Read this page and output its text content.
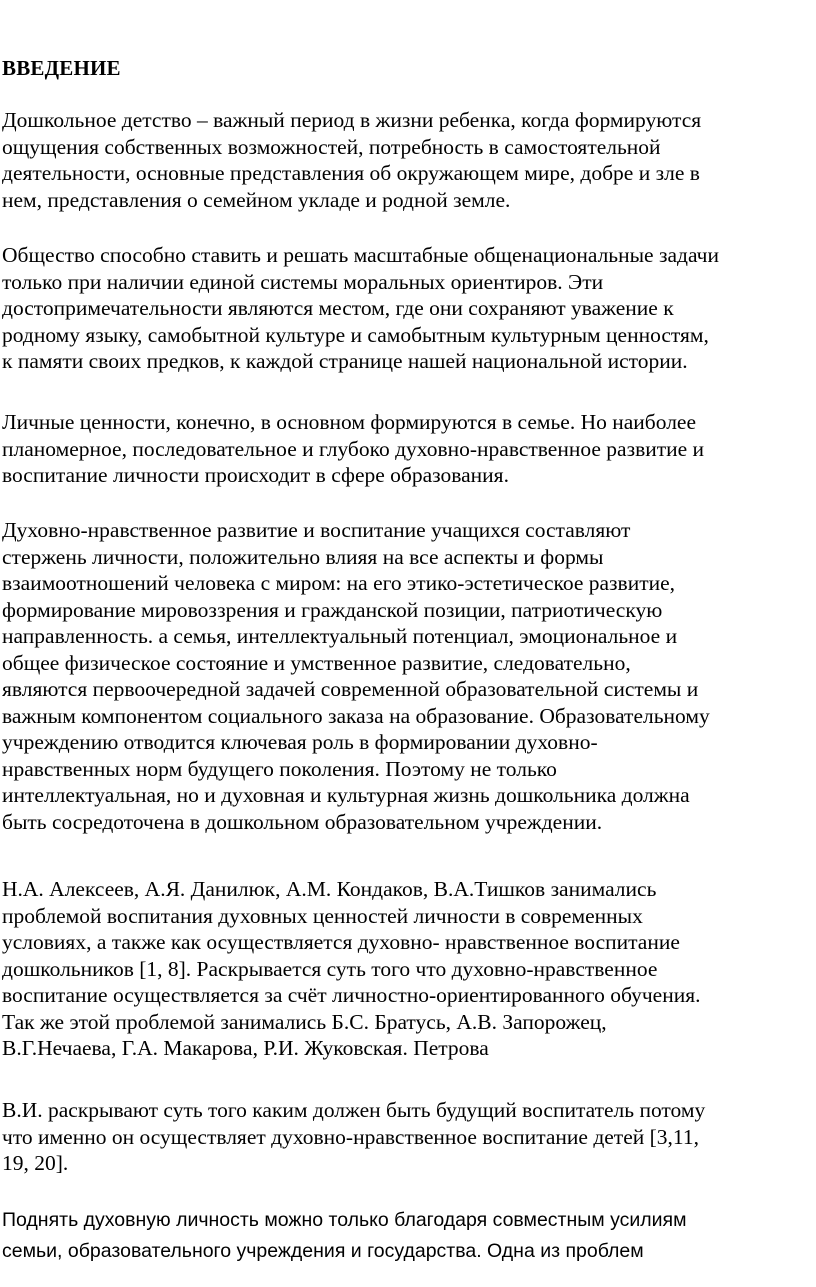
ВВЕДЕНИЕ

Дошкольное детство – важный период в жизни ребенка, когда формируются
ощущения собственных возможностей, потребность в самостоятельной
деятельности, основные представления об окружающем мире, добре и зле в
нем, представления о семейном укладе и родной земле.

Общество способно ставить и решать масштабные общенациональные задачи
только при наличии единой системы моральных ориентиров. Эти
достопримечательности являются местом, где они сохраняют уважение к
родному языку, самобытной культуре и самобытным культурным ценностям,
к памяти своих предков, к каждой странице нашей национальной истории.

Личные ценности, конечно, в основном формируются в семье. Но наиболее
планомерное, последовательное и глубоко духовно-нравственное развитие и
воспитание личности происходит в сфере образования.

Духовно-нравственное развитие и воспитание учащихся составляют
стержень личности, положительно влияя на все аспекты и формы
взаимоотношений человека с миром: на его этико-эстетическое развитие,
формирование мировоззрения и гражданской позиции, патриотическую
направленность. а семья, интеллектуальный потенциал, эмоциональное и
общее физическое состояние и умственное развитие, следовательно,
являются первоочередной задачей современной образовательной системы и
важным компонентом социального заказа на образование. Образовательному
учреждению отводится ключевая роль в формировании духовно-
нравственных норм будущего поколения. Поэтому не только
интеллектуальная, но и духовная и культурная жизнь дошкольника должна
быть сосредоточена в дошкольном образовательном учреждении.

Н.А. Алексеев, А.Я. Данилюк, А.М. Кондаков, В.А.Тишков занимались
проблемой воспитания духовных ценностей личности в современных
условиях, а также как осуществляется духовно- нравственное воспитание
дошкольников [1, 8]. Раскрывается суть того что духовно-нравственное
воспитание осуществляется за счёт личностно-ориентированного обучения.
Так же этой проблемой занимались Б.С. Братусь, А.В. Запорожец,
В.Г.Нечаева, Г.А. Макарова, Р.И. Жуковская. Петрова

В.И. раскрывают суть того каким должен быть будущий воспитатель потому
что именно он осуществляет духовно-нравственное воспитание детей [3,11,
19, 20].

Поднять духовную личность можно только благодаря совместным усилиям
семьи, образовательного учреждения и государства. Одна из проблем
